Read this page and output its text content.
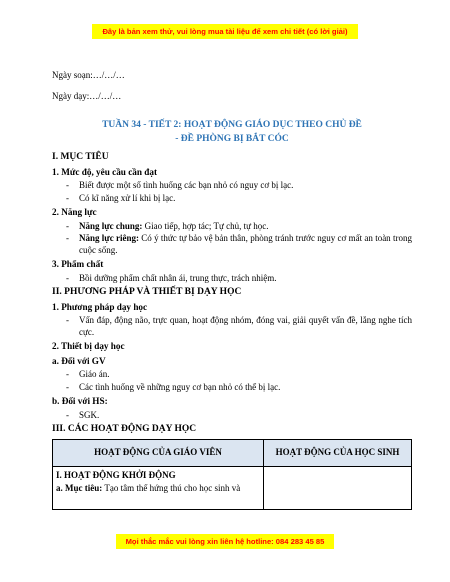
Đây là bản xem thử, vui lòng mua tài liệu để xem chi tiết (có lời giải)
Ngày soạn:…/…/…
Ngày dạy:…/…/…
TUẦN 34 - TIẾT 2: HOẠT ĐỘNG GIÁO DỤC THEO CHỦ ĐỀ
- ĐỀ PHÒNG BỊ BẮT CÓC
I. MỤC TIÊU
1. Mức độ, yêu cầu cần đạt
- Biết được một số tình huống các bạn nhỏ có nguy cơ bị lạc.
- Có kĩ năng xử lí khi bị lạc.
2. Năng lực
- Năng lực chung: Giao tiếp, hợp tác; Tự chủ, tự học.
- Năng lực riêng: Có ý thức tự bảo vệ bản thân, phòng tránh trước nguy cơ mất an toàn trong cuộc sống.
3. Phẩm chất
- Bồi dưỡng phẩm chất nhân ái, trung thực, trách nhiệm.
II. PHƯƠNG PHÁP VÀ THIẾT BỊ DẠY HỌC
1. Phương pháp dạy học
- Vấn đáp, động não, trực quan, hoạt động nhóm, đóng vai, giải quyết vấn đề, lắng nghe tích cực.
2. Thiết bị dạy học
a. Đối với GV
- Giáo án.
- Các tình huống về những nguy cơ bạn nhỏ có thể bị lạc.
b. Đối với HS:
- SGK.
III. CÁC HOẠT ĐỘNG DẠY HỌC
HOẠT ĐỘNG CỦA GIÁO VIÊN	HOẠT ĐỘNG CỦA HỌC SINH

I. HOẠT ĐỘNG KHỞI ĐỘNG
a. Mục tiêu: Tạo tâm thế hứng thú cho học sinh và	

Mọi thắc mắc vui lòng xin liên hệ hotline: 084 283 45 85
